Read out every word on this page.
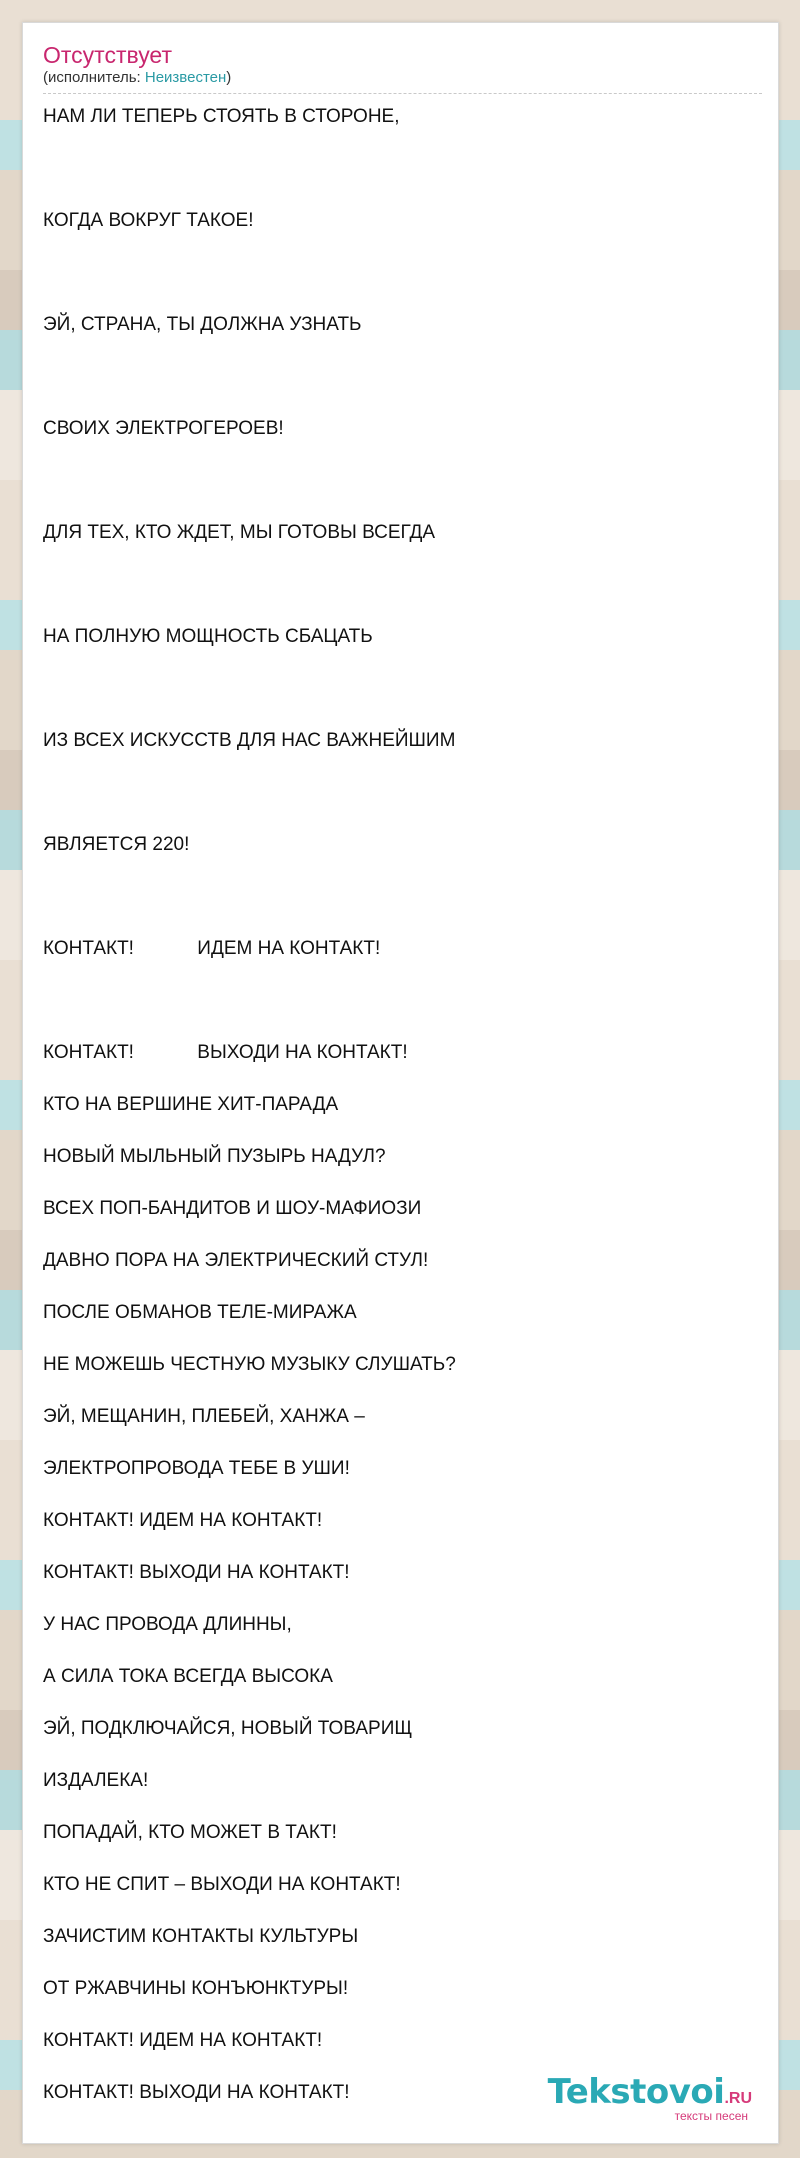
Отсутствует
(исполнитель: Неизвестен)
НАМ ЛИ ТЕПЕРЬ СТОЯТЬ В СТОРОНЕ,
КОГДА ВОКРУГ ТАКОЕ!
ЭЙ, СТРАНА, ТЫ ДОЛЖНА УЗНАТЬ
СВОИХ ЭЛЕКТРОГЕРОЕВ!
ДЛЯ ТЕХ, КТО ЖДЕТ, МЫ ГОТОВЫ ВСЕГДА
НА ПОЛНУЮ МОЩНОСТЬ СБАЦАТЬ
ИЗ ВСЕХ ИСКУССТВ ДЛЯ НАС ВАЖНЕЙШИМ
ЯВЛЯЕТСЯ 220!
КОНТАКТ!            ИДЕМ НА КОНТАКТ!
КОНТАКТ!            ВЫХОДИ НА КОНТАКТ!
КТО НА ВЕРШИНЕ ХИТ-ПАРАДА
НОВЫЙ МЫЛЬНЫЙ ПУЗЫРЬ НАДУЛ?
ВСЕХ ПОП-БАНДИТОВ И ШОУ-МАФИОЗИ
ДАВНО ПОРА НА ЭЛЕКТРИЧЕСКИЙ СТУЛ!
ПОСЛЕ ОБМАНОВ ТЕЛЕ-МИРАЖА
НЕ МОЖЕШЬ ЧЕСТНУЮ МУЗЫКУ СЛУШАТЬ?
ЭЙ, МЕЩАНИН, ПЛЕБЕЙ, ХАНЖА –
ЭЛЕКТРОПРОВОДА ТЕБЕ В УШИ!
КОНТАКТ! ИДЕМ НА КОНТАКТ!
КОНТАКТ! ВЫХОДИ НА КОНТАКТ!
У НАС ПРОВОДА ДЛИННЫ,
А СИЛА ТОКА ВСЕГДА ВЫСОКА
ЭЙ, ПОДКЛЮЧАЙСЯ, НОВЫЙ ТОВАРИЩ
ИЗДАЛЕКА!
ПОПАДАЙ, КТО МОЖЕТ В ТАКТ!
КТО НЕ СПИТ – ВЫХОДИ НА КОНТАКТ!
ЗАЧИСТИМ КОНТАКТЫ КУЛЬТУРЫ
ОТ РЖАВЧИНЫ КОНЪЮНКТУРЫ!
КОНТАКТ! ИДЕМ НА КОНТАКТ!
КОНТАКТ! ВЫХОДИ НА КОНТАКТ!	Tekstovoi.RU
тексты песен
